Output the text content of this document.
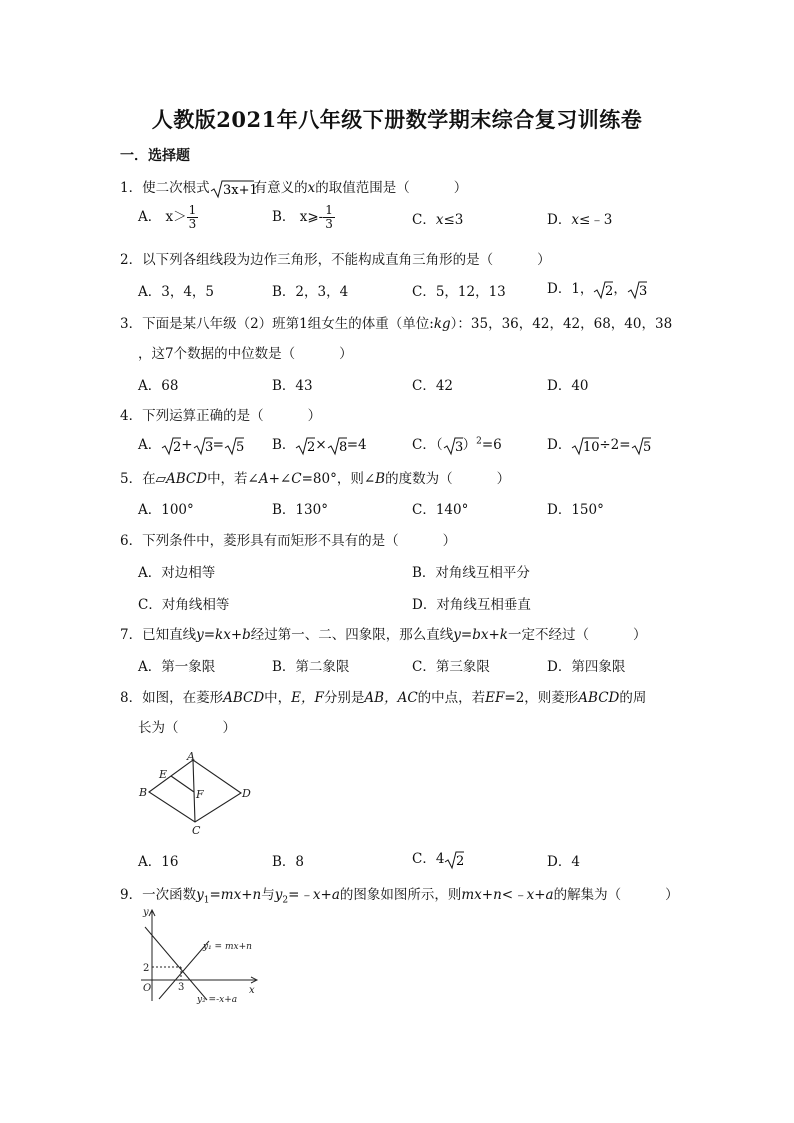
人教版2021年八年级下册数学期末综合复习训练卷
一．选择题
1．使二次根式 3x+1
有意义的x的取值范围是（	）
A． $x> \frac{1}{3}$	B． x⩾- $\frac{1}{3}$	C．x≤3	D．x≤﹣3
2．以下列各组线段为边作三角形，不能构成直角三角形的是（	）
A．3，4，5	B．2，3，4	C．5，12，13	D．1， 2 ， 3
3．下面是某八年级（2）班第1组女生的体重（单位:kg）：35，36，42，42，68，40，38
，这7个数据的中位数是（	）
A．68	B．43	C．42	D．40
4．下列运算正确的是（	）
A． 2 + 3 = 5 B． 2 × 8 =4	C．（ 3 ）$^2$=6	D． 10 ÷2= 5
5．在▱ABCD中，若∠A+∠C=80°，则∠B的度数为（	）
A．100°	B．130°	C．140°	D．150°
6．下列条件中，菱形具有而矩形不具有的是（	）
A．对边相等	B．对角线互相平分
C．对角线相等	D．对角线互相垂直
7．已知直线y=kx+b经过第一、二、四象限，那么直线y=bx+k一定不经过（	）
A．第一象限	B．第二象限	C．第三象限	D．第四象限
8．如图，在菱形ABCD中，E，F分别是AB，AC的中点，若EF=2，则菱形ABCD的周
长为（	）
A
B
C
D
E
F
A．16	B．8	C．4 2	D．4
9．一次函数$y_1=mx+n$与$y_2=﹣x+a$的图象如图所示，则mx+n<﹣x+a的解集为（	）
y
x
O
2
3
y₁ = mx+n
y₂ =-x+a
